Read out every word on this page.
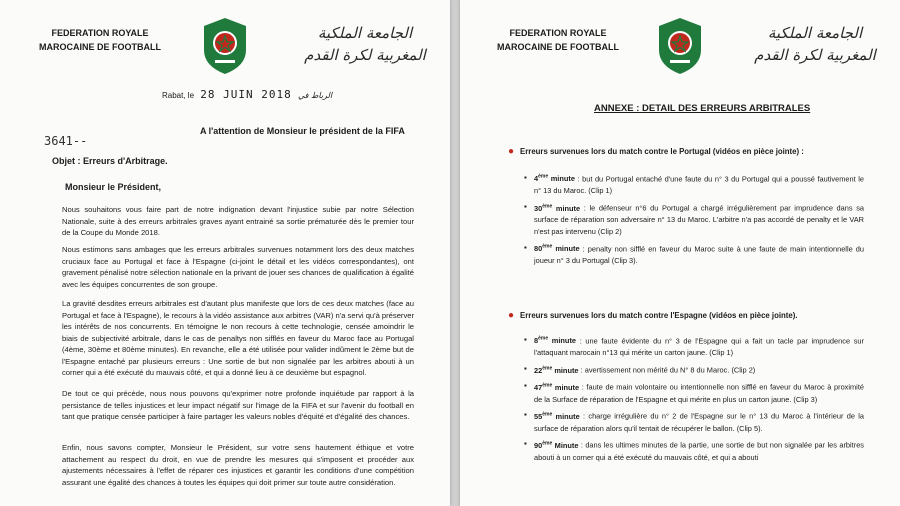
FEDERATION ROYALE
MAROCAINE DE FOOTBALL
الجامعة الملكية
المغربية لكرة القدم
Rabat, le 28 JUIN 2018 الرباط في
3641--
A l'attention de Monsieur le président de la FIFA
Objet : Erreurs d'Arbitrage.
Monsieur le Président,

Nous souhaitons vous faire part de notre indignation devant l'injustice subie par notre Sélection Nationale, suite à des erreurs arbitrales graves ayant entrainé sa sortie prématurée dès le premier tour de la Coupe du Monde 2018.

Nous estimons sans ambages que les erreurs arbitrales survenues notamment lors des deux matches cruciaux face au Portugal et face à l'Espagne (ci-joint le détail et les vidéos correspondantes), ont gravement pénalisé notre sélection nationale en la privant de jouer ses chances de qualification à égalité avec les équipes concurrentes de son groupe.

La gravité desdites erreurs arbitrales est d'autant plus manifeste que lors de ces deux matches (face au Portugal et face à l'Espagne), le recours à la vidéo assistance aux arbitres (VAR) n'a servi qu'à préserver les intérêts de nos concurrents. En témoigne le non recours à cette technologie, censée amoindrir le biais de subjectivité arbitrale, dans le cas de penaltys non sifflés en faveur du Maroc face au Portugal (4ème, 30ème et 80ème minutes). En revanche, elle a été utilisée pour valider indûment le 2ème but de l'Espagne entaché par plusieurs erreurs : Une sortie de but non signalée par les arbitres abouti à un corner qui a été exécuté du mauvais côté, et qui a donné lieu à ce deuxième but espagnol.

De tout ce qui précède, nous nous pouvons qu'exprimer notre profonde inquiétude par rapport à la persistance de telles injustices et leur impact négatif sur l'image de la FIFA et sur l'avenir du football en tant que pratique censée participer à faire partager les valeurs nobles d'équité et d'égalité des chances.

Enfin, nous savons compter, Monsieur le Président, sur votre sens hautement éthique et votre attachement au respect du droit, en vue de prendre les mesures qui s'imposent et procéder aux ajustements nécessaires à l'effet de réparer ces injustices et garantir les conditions d'une compétition assurant une égalité des chances à toutes les équipes qui doit primer sur toute autre considération.

FEDERATION ROYALE
MAROCAINE DE FOOTBALL
الجامعة الملكية
المغربية لكرة القدم
ANNEXE : DETAIL DES ERREURS ARBITRALES
● Erreurs survenues lors du match contre le Portugal (vidéos en pièce jointe) :
▪ 4ème minute : but du Portugal entaché d'une faute du n° 3 du Portugal qui a poussé fautivement le n° 13 du Maroc. (Clip 1)
▪ 30ème minute : le défenseur n°6 du Portugal a chargé irrégulièrement par imprudence dans sa surface de réparation son adversaire n° 13 du Maroc. L'arbitre n'a pas accordé de penalty et le VAR n'est pas intervenu (Clip 2)
▪ 80ème minute : penalty non sifflé en faveur du Maroc suite à une faute de main intentionnelle du joueur n° 3 du Portugal (Clip 3).
● Erreurs survenues lors du match contre l'Espagne (vidéos en pièce jointe).
▪ 8ème minute : une faute évidente du n° 3 de l'Espagne qui a fait un tacle par imprudence sur l'attaquant marocain n°13 qui mérite un carton jaune. (Clip 1)
▪ 22ème minute : avertissement non mérité du N° 8 du Maroc. (Clip 2)
▪ 47ème minute : faute de main volontaire ou intentionnelle non sifflé en faveur du Maroc à proximité de la Surface de réparation de l'Espagne et qui mérite en plus un carton jaune. (Clip 3)
▪ 55ème minute : charge irrégulière du n° 2 de l'Espagne sur le n° 13 du Maroc à l'intérieur de la surface de réparation alors qu'il tentait de récupérer le ballon. (Clip 5).
▪ 90ème Minute : dans les ultimes minutes de la partie, une sortie de but non signalée par les arbitres abouti à un corner qui a été exécuté du mauvais côté, et qui a abouti
